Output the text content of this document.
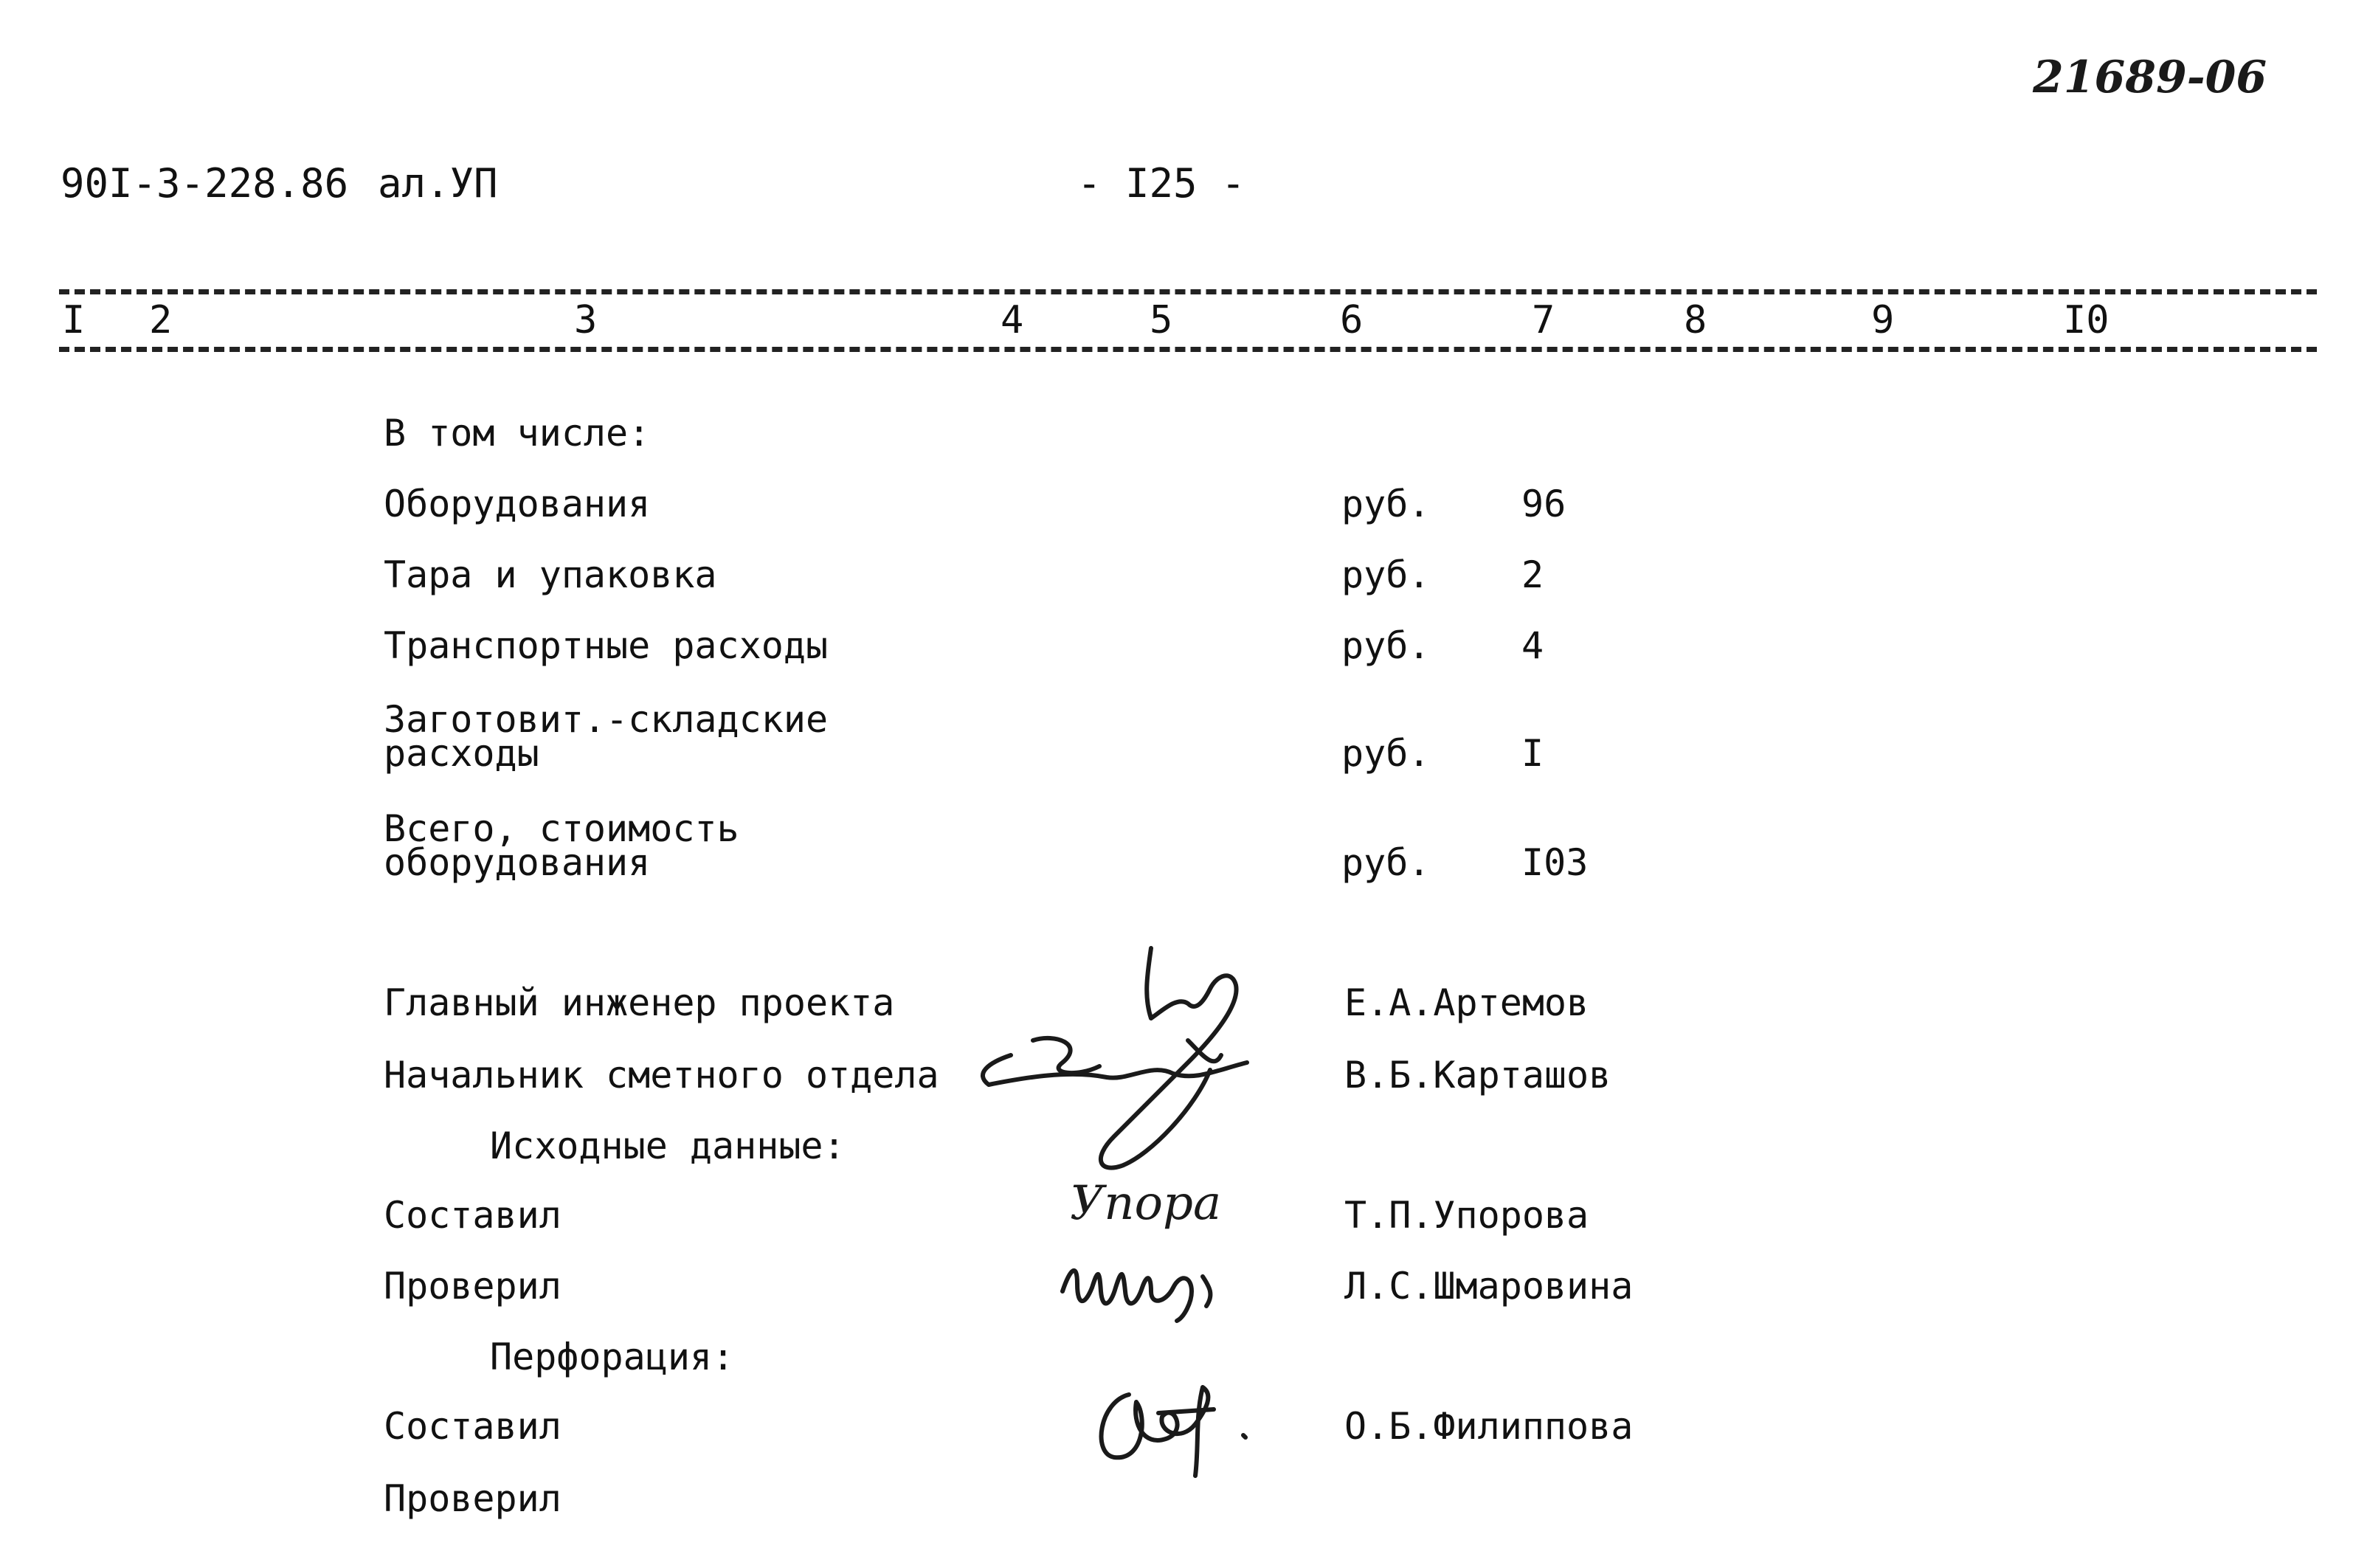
21689-06
90I-3-228.86 ал.УП	- I25 -
I 2	3	4	5	6	7	8	9	I0
В том числе:
Оборудования	руб. 96
Тара и упаковка	руб. 2
Транспортные расходы	руб. 4
Заготовит.-складские
расходы	руб. I
Всего, стоимость
оборудования	руб. I03
Главный инженер проекта	Е.А.Артемов
Начальник сметного отдела	В.Б.Карташов
Исходные данные:
Составил	Упора	Т.П.Упорова
Проверил	Л.С.Шмаровина
Перфорация:
Составил	О.Б.Филиппова
Проверил
